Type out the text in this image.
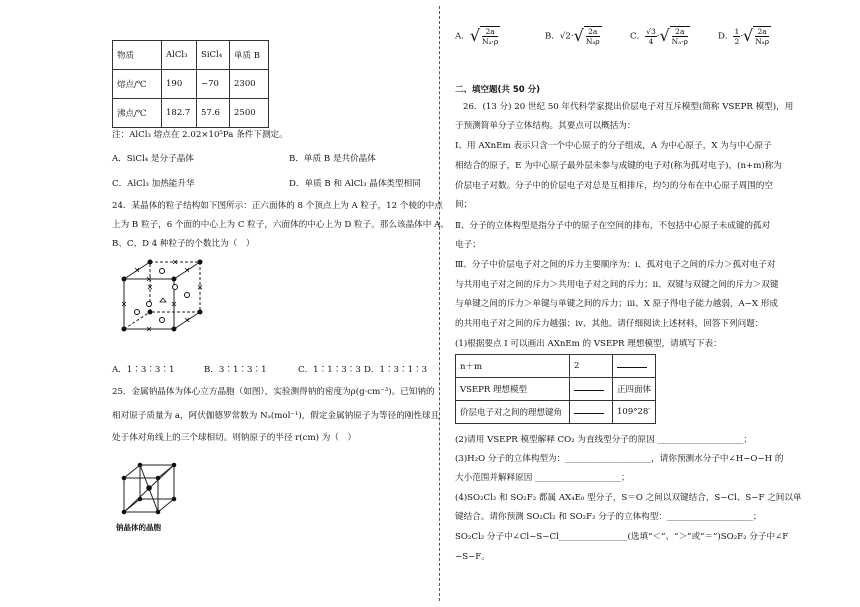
物质	AlCl₃	SiCl₄	单质 B
熔点/℃	190	−70	2300
沸点/℃	182.7	57.6	2500
注：AlCl₃ 熔点在 2.02×10⁵Pa 条件下测定。
A．SiCl₄ 是分子晶体	B．单质 B 是共价晶体
C．AlCl₃ 加热能升华	D．单质 B 和 AlCl₃ 晶体类型相同
24．某晶体的粒子结构如下图所示：正六面体的 8 个顶点上为 A 粒子，12 个棱的中点
上为 B 粒子，6 个面的中心上为 C 粒子，六面体的中心上为 D 粒子。那么该晶体中 A、
B、C、D 4 种粒子的个数比为（　）
A．1∶3∶3∶1	B．3∶1∶3∶1	C．1∶1∶3∶3 D．1∶3∶1∶3
25．金属钠晶体为体心立方晶胞（如图），实验测得钠的密度为ρ(g·cm⁻³)。已知钠的
相对原子质量为 a，阿伏伽德罗常数为 Nₐ(mol⁻¹)，假定金属钠原子为等径的刚性球且
处于体对角线上的三个球相切。则钠原子的半径 r(cm) 为（　）
钠晶体的晶胞
A． √ $\frac{2a}{\text{Nₐ·ρ}}$	B．√2· √ $\frac{2a}{\text{Nₐρ}}$	C． $\frac{√3}{4}$ · √ $\frac{2a}{\text{Nₐ·ρ}}$	D． $\frac{1}{2}$ · √ $\frac{2a}{\text{Nₐρ}}$
二、填空题(共 50 分)
26．(13 分) 20 世纪 50 年代科学家提出价层电子对互斥模型(简称 VSEPR 模型)，用
于预测简单分子立体结构。其要点可以概括为：
Ⅰ、用 AXnEm 表示只含一个中心原子的分子组成，A 为中心原子，X 为与中心原子
相结合的原子，E 为中心原子最外层未参与成键的电子对(称为孤对电子)，(n+m)称为
价层电子对数。分子中的价层电子对总是互相排斥，均匀的分布在中心原子周围的空
间；
Ⅱ、分子的立体构型是指分子中的原子在空间的排布，不包括中心原子未成键的孤对
电子；
Ⅲ、分子中价层电子对之间的斥力主要顺序为：i、孤对电子之间的斥力＞孤对电子对
与共用电子对之间的斥力＞共用电子对之间的斥力；ii、双键与双键之间的斥力＞双键
与单键之间的斥力＞单键与单键之间的斥力；iii、X 原子得电子能力越弱，A−X 形成
的共用电子对之间的斥力越强；iv、其他。请仔细阅读上述材料，回答下列问题：
(1)根据要点 I 可以画出 AXnEm 的 VSEPR 理想模型，请填写下表：
n＋m	2	
VSEPR 理想模型		正四面体
价层电子对之间的理想键角		109°28′
(2)请用 VSEPR 模型解释 CO₂ 为直线型分子的原因 ____________________；
(3)H₂O 分子的立体构型为：____________________，请你预测水分子中∠H−O−H 的
大小范围并解释原因 ____________________；
(4)SO₂Cl₂ 和 SO₂F₂ 都属 AX₄E₀ 型分子，S＝O 之间以双键结合，S−Cl、S−F 之间以单
键结合。请你预测 SO₂Cl₂ 和 SO₂F₂ 分子的立体构型：____________________；
SO₂Cl₂ 分子中∠Cl−S−Cl________________(选填“＜”、“＞”或“＝”)SO₂F₂ 分子中∠F
−S−F。
